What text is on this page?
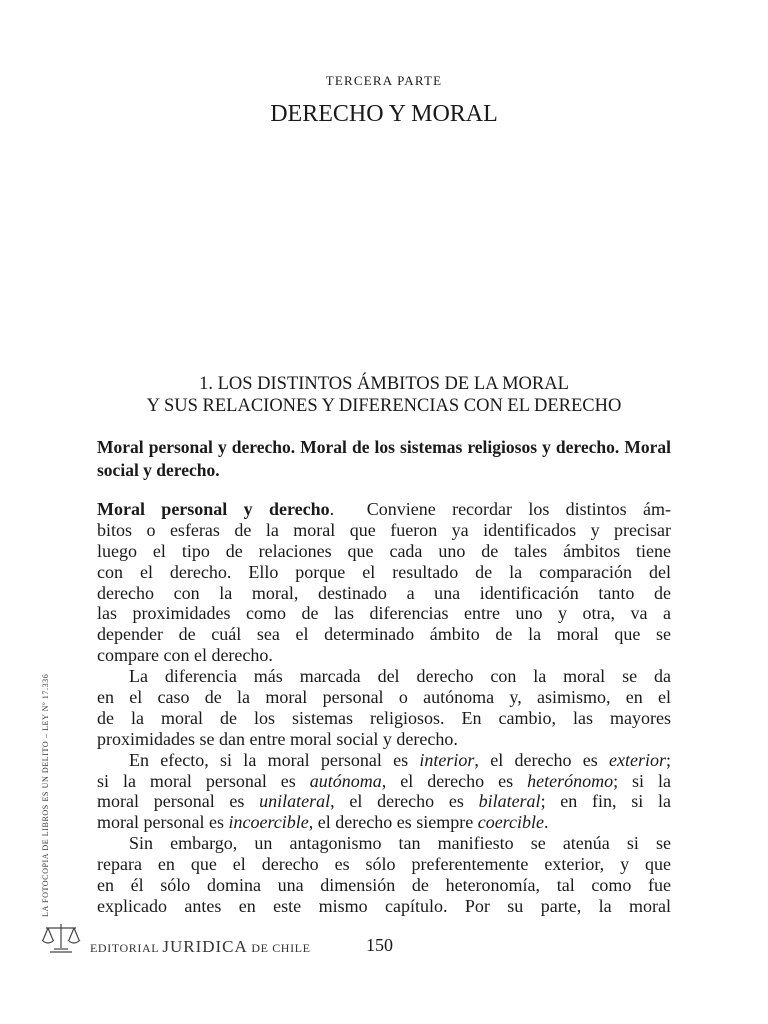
TERCERA PARTE
DERECHO Y MORAL
1. LOS DISTINTOS ÁMBITOS DE LA MORAL
Y SUS RELACIONES Y DIFERENCIAS CON EL DERECHO
Moral personal y derecho. Moral de los sistemas religiosos y derecho. Moral social y derecho.
Moral personal y derecho.  Conviene recordar los distintos ám-
bitos o esferas de la moral que fueron ya identificados y precisar
luego el tipo de relaciones que cada uno de tales ámbitos tiene
con el derecho. Ello porque el resultado de la comparación del
derecho con la moral, destinado a una identificación tanto de
las proximidades como de las diferencias entre uno y otra, va a
depender de cuál sea el determinado ámbito de la moral que se
compare con el derecho.
La diferencia más marcada del derecho con la moral se da
en el caso de la moral personal o autónoma y, asimismo, en el
de la moral de los sistemas religiosos. En cambio, las mayores
proximidades se dan entre moral social y derecho.
En efecto, si la moral personal es interior, el derecho es exterior;
si la moral personal es autónoma, el derecho es heterónomo; si la
moral personal es unilateral, el derecho es bilateral; en fin, si la
moral personal es incoercible, el derecho es siempre coercible.
Sin embargo, un antagonismo tan manifiesto se atenúa si se
repara en que el derecho es sólo preferentemente exterior, y que
en él sólo domina una dimensión de heteronomía, tal como fue
explicado antes en este mismo capítulo. Por su parte, la moral
LA FOTOCOPIA DE LIBROS ES UN DELITO – LEY Nº 17.336
EDITORIAL JURIDICA DE CHILE	150
